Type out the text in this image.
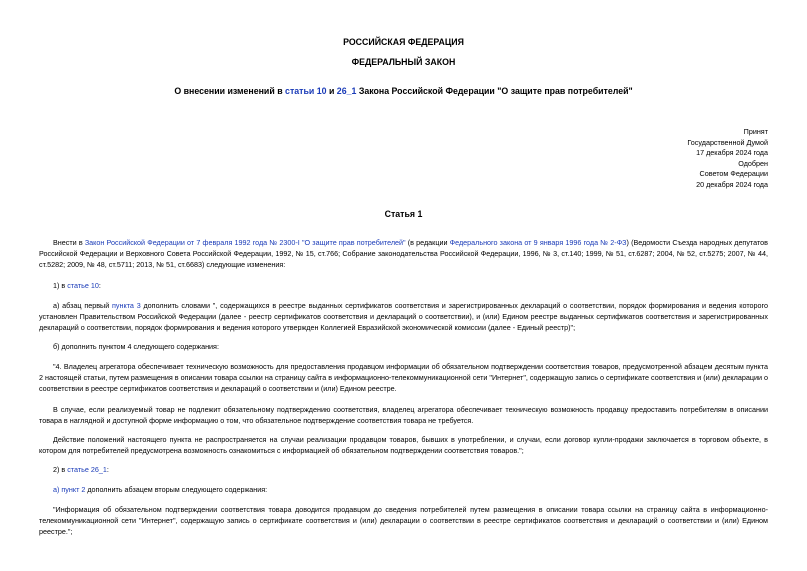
РОССИЙСКАЯ ФЕДЕРАЦИЯ
ФЕДЕРАЛЬНЫЙ ЗАКОН
О внесении изменений в статьи 10 и 26_1 Закона Российской Федерации "О защите прав потребителей"
Принят
Государственной Думой
17 декабря 2024 года
Одобрен
Советом Федерации
20 декабря 2024 года
Статья 1
Внести в Закон Российской Федерации от 7 февраля 1992 года № 2300-I "О защите прав потребителей" (в редакции Федерального закона от 9 января 1996 года № 2-ФЗ) (Ведомости Съезда народных депутатов Российской Федерации и Верховного Совета Российской Федерации, 1992, № 15, ст.766; Собрание законодательства Российской Федерации, 1996, № 3, ст.140; 1999, № 51, ст.6287; 2004, № 52, ст.5275; 2007, № 44, ст.5282; 2009, № 48, ст.5711; 2013, № 51, ст.6683) следующие изменения:
1) в статье 10:
а) абзац первый пункта 3 дополнить словами ", содержащихся в реестре выданных сертификатов соответствия и зарегистрированных деклараций о соответствии, порядок формирования и ведения которого установлен Правительством Российской Федерации (далее - реестр сертификатов соответствия и деклараций о соответствии), и (или) Едином реестре выданных сертификатов соответствия и зарегистрированных деклараций о соответствии, порядок формирования и ведения которого утвержден Коллегией Евразийской экономической комиссии (далее - Единый реестр)";
б) дополнить пунктом 4 следующего содержания:
"4. Владелец агрегатора обеспечивает техническую возможность для предоставления продавцом информации об обязательном подтверждении соответствия товаров, предусмотренной абзацем десятым пункта 2 настоящей статьи, путем размещения в описании товара ссылки на страницу сайта в информационно-телекоммуникационной сети "Интернет", содержащую запись о сертификате соответствия и (или) декларации о соответствии в реестре сертификатов соответствия и деклараций о соответствии и (или) Едином реестре.
В случае, если реализуемый товар не подлежит обязательному подтверждению соответствия, владелец агрегатора обеспечивает техническую возможность продавцу предоставить потребителям в описании товара в наглядной и доступной форме информацию о том, что обязательное подтверждение соответствия товара не требуется.
Действие положений настоящего пункта не распространяется на случаи реализации продавцом товаров, бывших в употреблении, и случаи, если договор купли-продажи заключается в торговом объекте, в котором для потребителей предусмотрена возможность ознакомиться с информацией об обязательном подтверждении соответствия товаров.";
2) в статье 26_1:
а) пункт 2 дополнить абзацем вторым следующего содержания:
"Информация об обязательном подтверждении соответствия товара доводится продавцом до сведения потребителей путем размещения в описании товара ссылки на страницу сайта в информационно-телекоммуникационной сети "Интернет", содержащую запись о сертификате соответствия и (или) декларации о соответствии в реестре сертификатов соответствия и деклараций о соответствии и (или) Едином реестре.";
